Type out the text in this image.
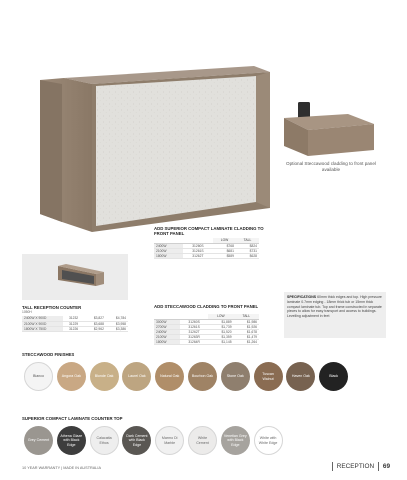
Optional Steccawood cladding to front panel available
ADD SUPERIOR COMPACT LAMINATE CLADDING TO FRONT PANEL
		LOW	TALL
2400W	31260S	$768	$824
2100W	31261S	$681	$731
1800W	31262T	$589	$628
TALL RECEPTION COUNTER
1050H
2400W X 900D	31232	$3,827	$4,784
2100W X 900D	31229	$3,688	$3,958
1800W X 750D	31226	$2,962	$3,386
ADD STECCAWOOD CLADDING TO FRONT PANEL
		LOW	TALL
3000W	31260S	$1,889	$1,986
2700W	31261S	$1,739	$1,926
2400W	31262T	$1,520	$1,678
2100W	31263R	$1,359	$1,479
1800W	31264R	$1,145	$1,264
SPECIFICATIONS 60mm thick edges and top. High pressure laminate 0.7mm edging - 18mm thick tub or 15mm thick compact laminate tub. Top and frame constructed in separate pieces to allow for easy transport and access to buildings. Levelling adjustment in feet
STECCAWOOD FINISHES
Bianco	Angora Oak	Blonde Oak	Laurel Oak	Natural Oak	Bourbon Oak	Stone Oak
Tuscan Walnut
Haven Oak	Black
SUPERIOR COMPACT LAMINATE COUNTER TOP
Grey Cement
Athena Glaze with Black Edge
Calacatta Ethos
Dark Cement with Black Edge
Marmo Di Marble
White Cement
Venetian Grey with Black Edge
White with White Edge
10 YEAR WARRANTY | MADE IN AUSTRALIA	RECEPTION 69
